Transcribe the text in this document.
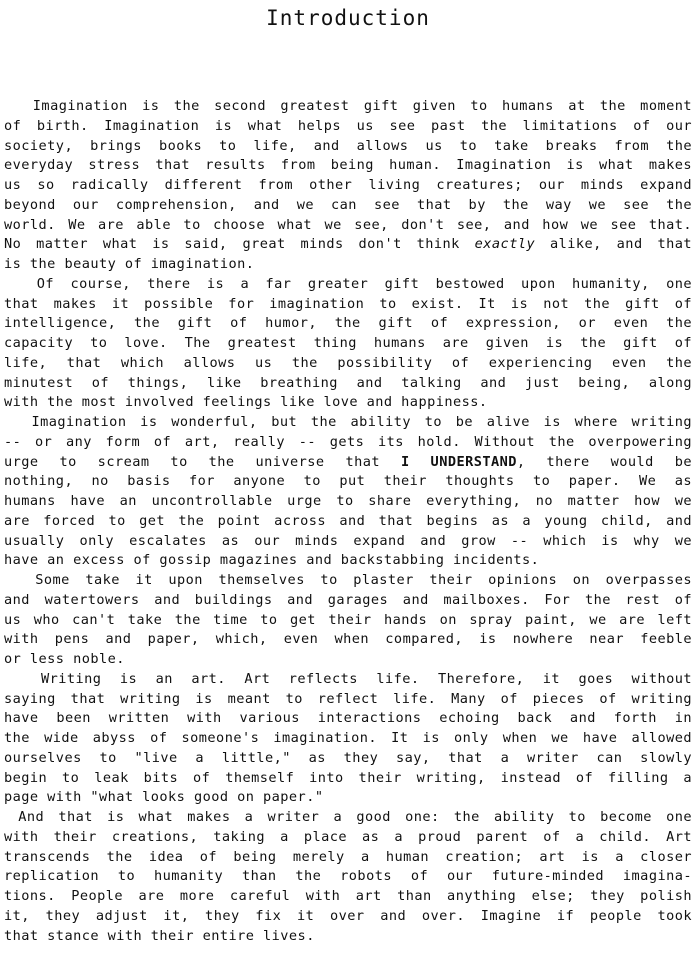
Introduction
Imagination is the second greatest gift given to humans at the moment
of birth. Imagination is what helps us see past the limitations of our
society, brings books to life, and allows us to take breaks from the
everyday stress that results from being human. Imagination is what makes
us so radically different from other living creatures; our minds expand
beyond our comprehension, and we can see that by the way we see the
world. We are able to choose what we see, don't see, and how we see that.
No matter what is said, great minds don't think exactly alike, and that
is the beauty of imagination.
Of course, there is a far greater gift bestowed upon humanity, one
that makes it possible for imagination to exist. It is not the gift of
intelligence, the gift of humor, the gift of expression, or even the
capacity to love. The greatest thing humans are given is the gift of
life, that which allows us the possibility of experiencing even the
minutest of things, like breathing and talking and just being, along
with the most involved feelings like love and happiness.
Imagination is wonderful, but the ability to be alive is where writing
-- or any form of art, really -- gets its hold. Without the overpowering
urge to scream to the universe that I UNDERSTAND, there would be
nothing, no basis for anyone to put their thoughts to paper. We as
humans have an uncontrollable urge to share everything, no matter how we
are forced to get the point across and that begins as a young child, and
usually only escalates as our minds expand and grow -- which is why we
have an excess of gossip magazines and backstabbing incidents.
Some take it upon themselves to plaster their opinions on overpasses
and watertowers and buildings and garages and mailboxes. For the rest of
us who can't take the time to get their hands on spray paint, we are left
with pens and paper, which, even when compared, is nowhere near feeble
or less noble.
Writing is an art. Art reflects life. Therefore, it goes without
saying that writing is meant to reflect life. Many of pieces of writing
have been written with various interactions echoing back and forth in
the wide abyss of someone's imagination. It is only when we have allowed
ourselves to "live a little," as they say, that a writer can slowly
begin to leak bits of themself into their writing, instead of filling a
page with "what looks good on paper."
And that is what makes a writer a good one: the ability to become one
with their creations, taking a place as a proud parent of a child. Art
transcends the idea of being merely a human creation; art is a closer
replication to humanity than the robots of our future-minded imagina-
tions. People are more careful with art than anything else; they polish
it, they adjust it, they fix it over and over. Imagine if people took
that stance with their entire lives.
